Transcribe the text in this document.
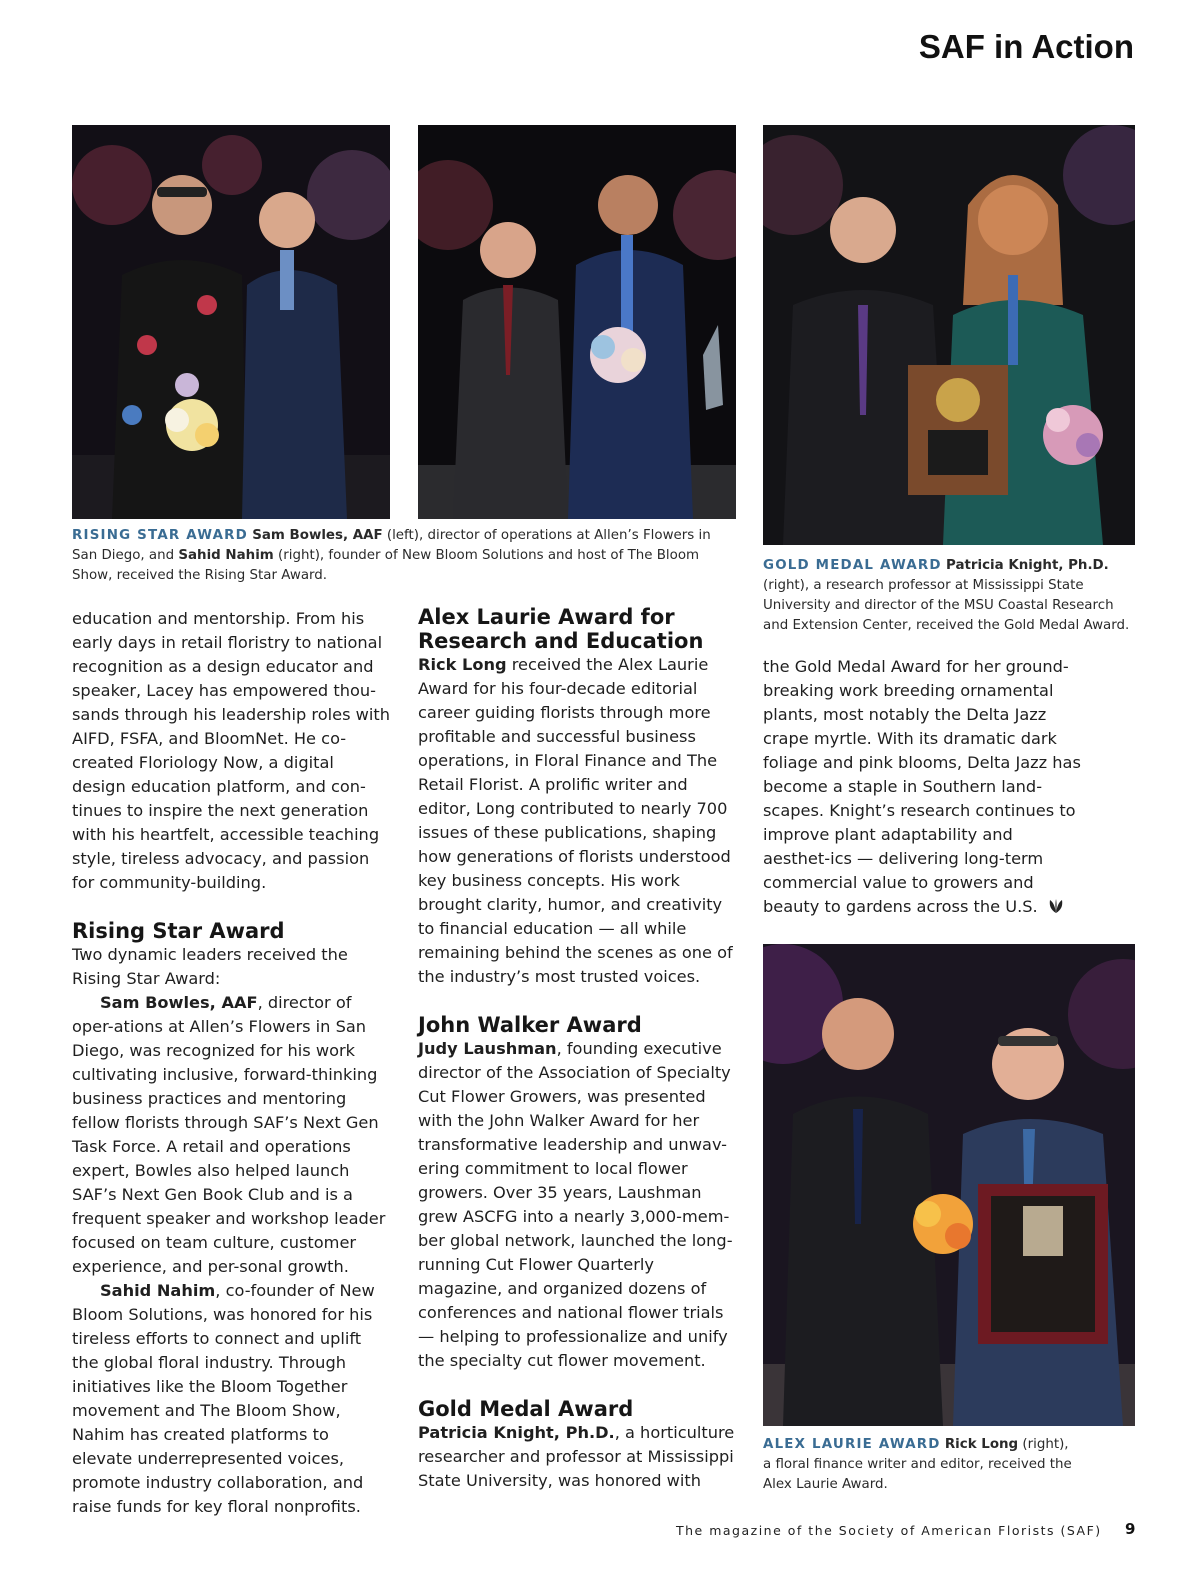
SAF in Action

RISING STAR AWARD Sam Bowles, AAF (left), director of operations at Allen’s Flowers in San Diego, and Sahid Nahim (right), founder of New Bloom Solutions and host of The Bloom Show, received the Rising Star Award.

GOLD MEDAL AWARD Patricia Knight, Ph.D. (right), a research professor at Mississippi State University and director of the MSU Coastal Research and Extension Center, received the Gold Medal Award.

ALEX LAURIE AWARD Rick Long (right), a floral finance writer and editor, received the Alex Laurie Award.

education and mentorship. From his early days in retail floristry to national recognition as a design educator and speaker, Lacey has empowered thou-sands through his leadership roles with AIFD, FSFA, and BloomNet. He co-created Floriology Now, a digital design education platform, and con-tinues to inspire the next generation with his heartfelt, accessible teaching style, tireless advocacy, and passion for community-building.

Rising Star Award

Two dynamic leaders received the Rising Star Award:

Sam Bowles, AAF, director of oper-ations at Allen’s Flowers in San Diego, was recognized for his work cultivating inclusive, forward-thinking business practices and mentoring fellow florists through SAF’s Next Gen Task Force. A retail and operations expert, Bowles also helped launch SAF’s Next Gen Book Club and is a frequent speaker and workshop leader focused on team culture, customer experience, and per-sonal growth.

Sahid Nahim, co-founder of New Bloom Solutions, was honored for his tireless efforts to connect and uplift the global floral industry. Through initiatives like the Bloom Together movement and The Bloom Show, Nahim has created platforms to elevate underrepresented voices, promote industry collaboration, and raise funds for key floral nonprofits.

Alex Laurie Award for Research and Education

Rick Long received the Alex Laurie Award for his four-decade editorial career guiding florists through more profitable and successful business operations, in Floral Finance and The Retail Florist. A prolific writer and editor, Long contributed to nearly 700 issues of these publications, shaping how generations of florists understood key business concepts. His work brought clarity, humor, and creativity to financial education — all while remaining behind the scenes as one of the industry’s most trusted voices.

John Walker Award

Judy Laushman, founding executive director of the Association of Specialty Cut Flower Growers, was presented with the John Walker Award for her transformative leadership and unwav-ering commitment to local flower growers. Over 35 years, Laushman grew ASCFG into a nearly 3,000-mem-ber global network, launched the long-running Cut Flower Quarterly magazine, and organized dozens of conferences and national flower trials — helping to professionalize and unify the specialty cut flower movement.

Gold Medal Award

Patricia Knight, Ph.D., a horticulture researcher and professor at Mississippi State University, was honored with

the Gold Medal Award for her ground-breaking work breeding ornamental plants, most notably the Delta Jazz crape myrtle. With its dramatic dark foliage and pink blooms, Delta Jazz has become a staple in Southern land-scapes. Knight’s research continues to improve plant adaptability and aesthet-ics — delivering long-term commercial value to growers and beauty to gardens across the U.S.

The magazine of the Society of American Florists (SAF) 9
